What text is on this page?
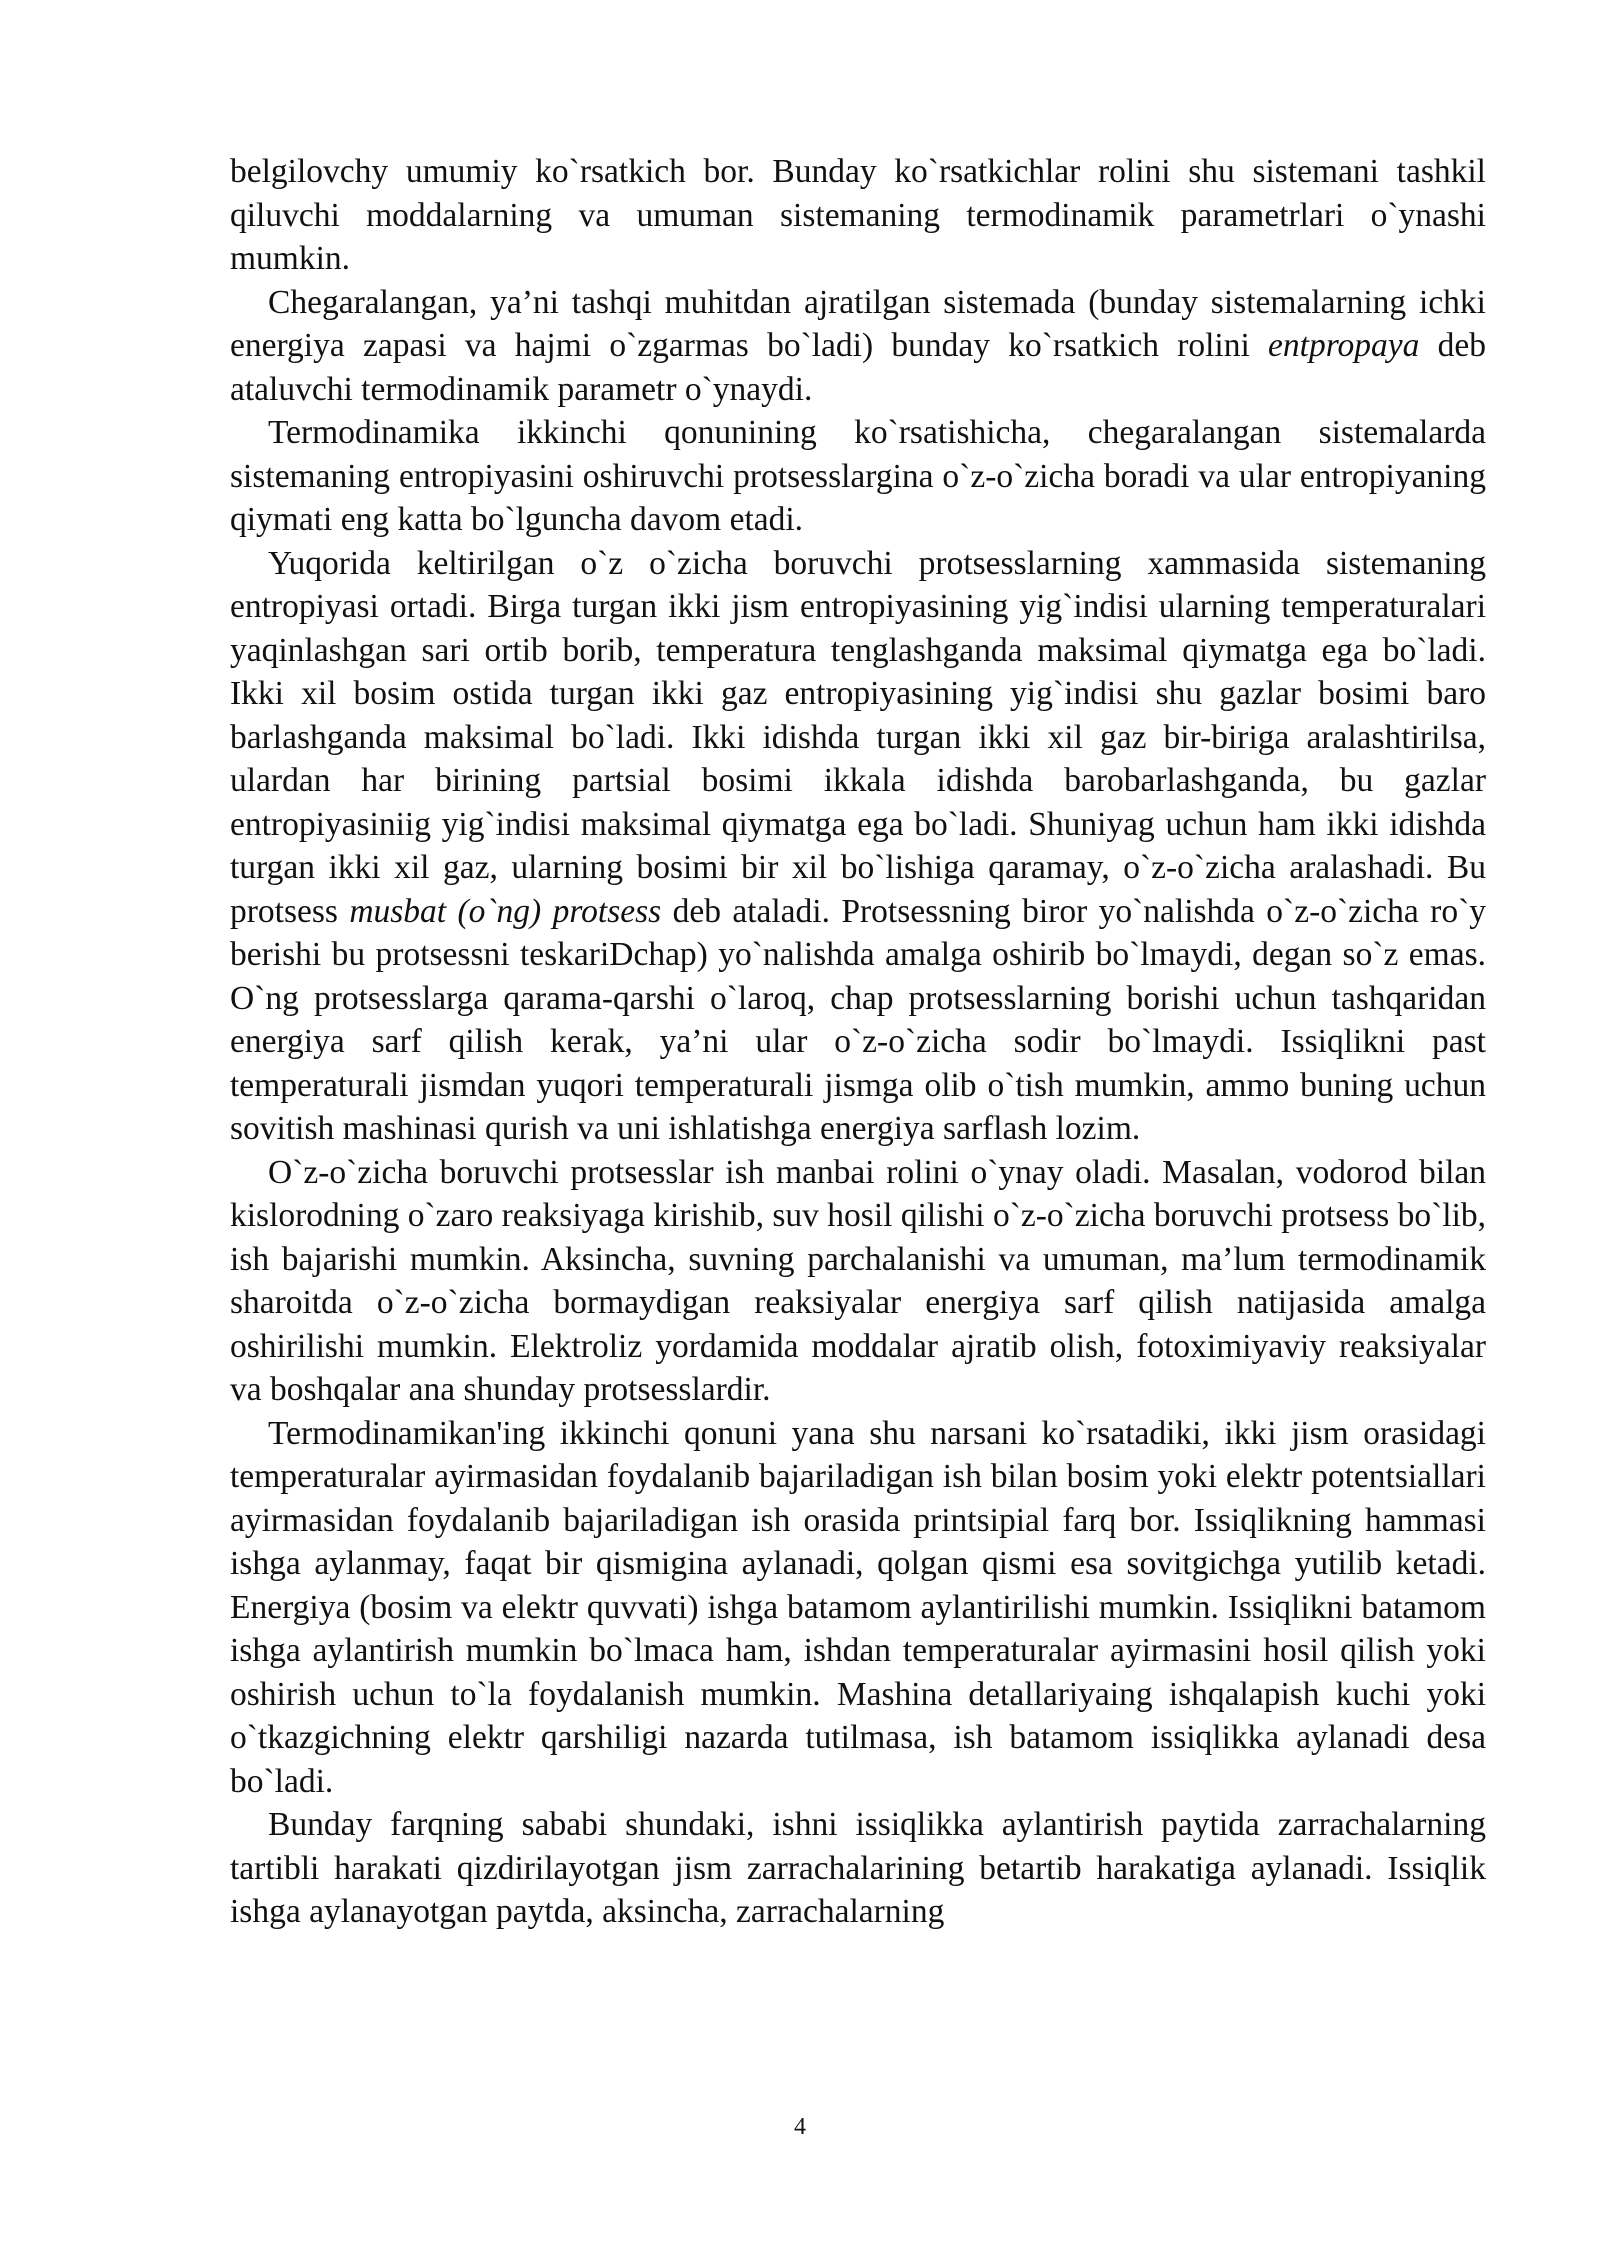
belgilovchy umumiy ko`rsatkich bor. Bunday ko`rsatkichlar rolini shu sistemani tashkil qiluvchi moddalarning va umuman sistemaning termodinamik parametrlari o`ynashi mumkin.

Chegaralangan, ya’ni tashqi muhitdan ajratilgan sistemada (bunday sistemalarning ichki energiya zapasi va hajmi o`zgarmas bo`ladi) bunday ko`rsatkich rolini entpropaya deb ataluvchi termodinamik parametr o`ynaydi.

Termodinamika ikkinchi qonunining ko`rsatishicha, chegaralangan sistemalarda sistemaning entropiyasini oshiruvchi protsesslargina o`z-o`zicha boradi va ular entropiyaning qiymati eng katta bo`lguncha davom etadi.

Yuqorida keltirilgan o`z o`zicha boruvchi protsesslarning xammasida sistemaning entropiyasi ortadi. Birga turgan ikki jism entropiyasining yig`indisi ularning temperaturalari yaqinlashgan sari ortib borib, temperatura tenglashganda maksimal qiymatga ega bo`ladi. Ikki xil bosim ostida turgan ikki gaz entropiyasining yig`indisi shu gazlar bosimi baro barlashganda maksimal bo`ladi. Ikki idishda turgan ikki xil gaz bir-biriga aralashtirilsa, ulardan har birining partsial bosimi ikkala idishda barobarlashganda, bu gazlar entropiyasiniig yig`indisi maksimal qiymatga ega bo`ladi. Shuniyag uchun ham ikki idishda turgan ikki xil gaz, ularning bosimi bir xil bo`lishiga qaramay, o`z-o`zicha aralashadi. Bu protsess musbat (o`ng) protsess deb ataladi. Protsessning biror yo`nalishda o`z-o`zicha ro`y berishi bu protsessni teskariDchap) yo`nalishda amalga oshirib bo`lmaydi, degan so`z emas. O`ng protsesslarga qarama-qarshi o`laroq, chap protsesslarning borishi uchun tashqaridan energiya sarf qilish kerak, ya’ni ular o`z-o`zicha sodir bo`lmaydi. Issiqlikni past temperaturali jismdan yuqori temperaturali jismga olib o`tish mumkin, ammo buning uchun sovitish mashinasi qurish va uni ishlatishga energiya sarflash lozim.

O`z-o`zicha boruvchi protsesslar ish manbai rolini o`ynay oladi. Masalan, vodorod bilan kislorodning o`zaro reaksiyaga kirishib, suv hosil qilishi o`z-o`zicha boruvchi protsess bo`lib, ish bajarishi mumkin. Aksincha, suvning parchalanishi va umuman, ma’lum termodinamik sharoitda o`z-o`zicha bormaydigan reaksiyalar energiya sarf qilish natijasida amalga oshirilishi mumkin. Elektroliz yordamida moddalar ajratib olish, fotoximiyaviy reaksiyalar va boshqalar ana shunday protsesslardir.

Termodinamikan'ing ikkinchi qonuni yana shu narsani ko`rsatadiki, ikki jism orasidagi temperaturalar ayirmasidan foydalanib bajariladigan ish bilan bosim yoki elektr potentsiallari ayirmasidan foydalanib bajariladigan ish orasida printsipial farq bor. Issiqlikning hammasi ishga aylanmay, faqat bir qismigina aylanadi, qolgan qismi esa sovitgichga yutilib ketadi. Energiya (bosim va elektr quvvati) ishga batamom aylantirilishi mumkin. Issiqlikni batamom ishga aylantirish mumkin bo`lmaca ham, ishdan temperaturalar ayirmasini hosil qilish yoki oshirish uchun to`la foydalanish mumkin. Mashina detallariyaing ishqalapish kuchi yoki o`tkazgichning elektr qarshiligi nazarda tutilmasa, ish batamom issiqlikka aylanadi desa bo`ladi.

Bunday farqning sababi shundaki, ishni issiqlikka aylantirish paytida zarrachalarning tartibli harakati qizdirilayotgan jism zarrachalarining betartib harakatiga aylanadi. Issiqlik ishga aylanayotgan paytda, aksincha, zarrachalarning

4
